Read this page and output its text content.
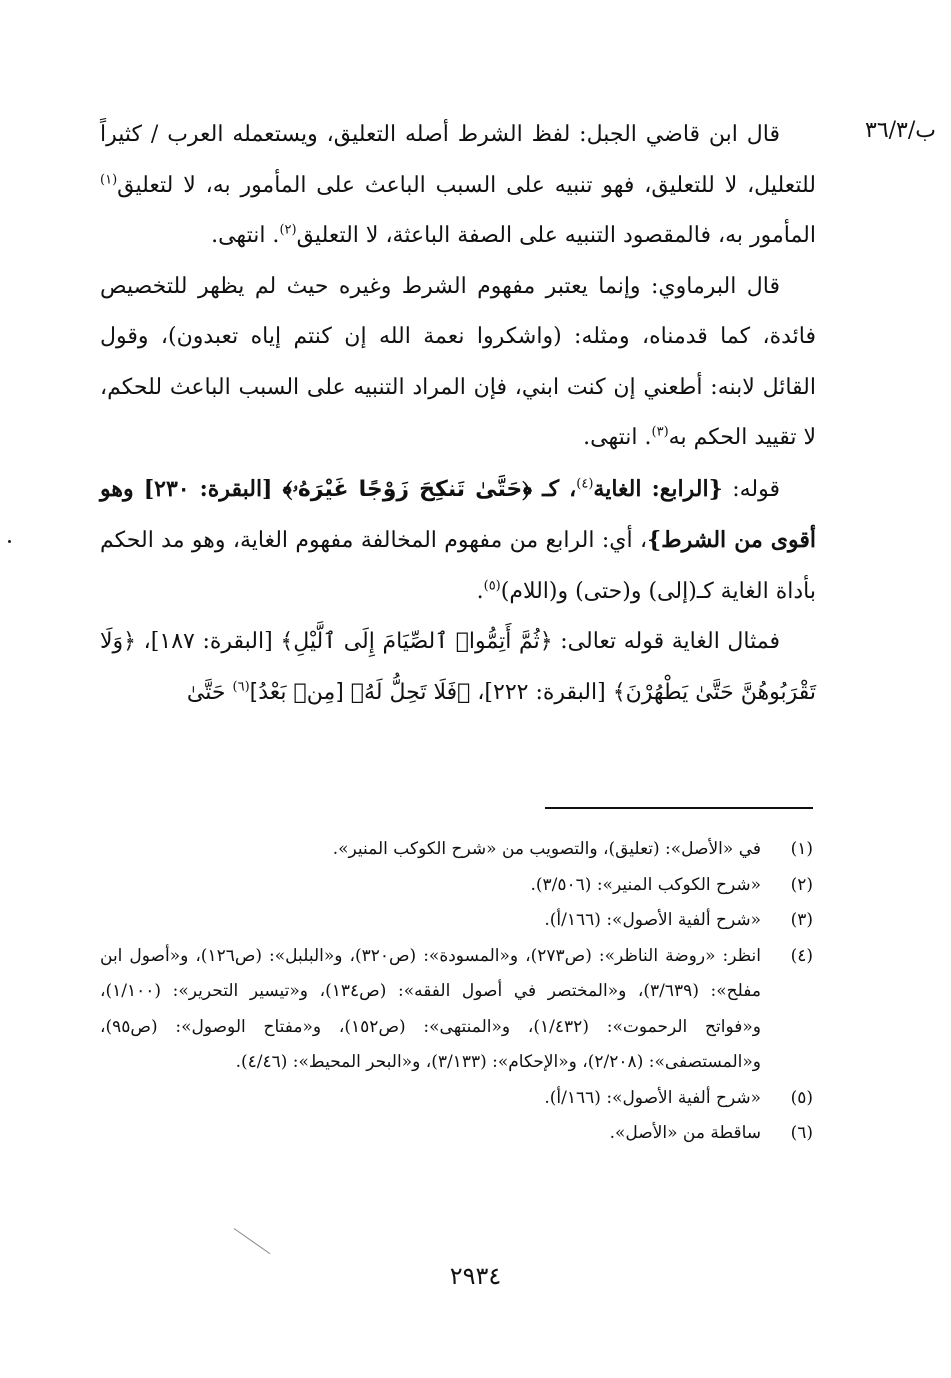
ب/٣٦/٣

قال ابن قاضي الجبل: لفظ الشرط أصله التعليق، ويستعمله العرب / كثيراً للتعليل، لا للتعليق، فهو تنبيه على السبب الباعث على المأمور به، لا لتعليق$^{(١)}$ المأمور به، فالمقصود التنبيه على الصفة الباعثة، لا التعليق$^{(٢)}$. انتهى.

قال البرماوي: وإنما يعتبر مفهوم الشرط وغيره حيث لم يظهر للتخصيص فائدة، كما قدمناه، ومثله: (واشكروا نعمة الله إن كنتم إياه تعبدون)، وقول القائل لابنه: أطعني إن كنت ابني، فإن المراد التنبيه على السبب الباعث للحكم، لا تقييد الحكم به$^{(٣)}$. انتهى.

قوله: {الرابع: الغاية$^{(٤)}$، كـ ﴿حَتَّىٰ تَنكِحَ زَوْجًا غَيْرَهُۥ﴾ [البقرة: ٢٣٠] وهو أقوى من الشرط}، أي: الرابع من مفهوم المخالفة مفهوم الغاية، وهو مد الحكم بأداة الغاية كـ(إلى) و(حتى) و(اللام)$^{(٥)}$.

فمثال الغاية قوله تعالى: ﴿ثُمَّ أَتِمُّوا۟ ٱلصِّيَامَ إِلَى ٱلَّيْلِ﴾ [البقرة: ١٨٧]، ﴿وَلَا تَقْرَبُوهُنَّ حَتَّىٰ يَطْهُرْنَ﴾ [البقرة: ٢٢٢]، ﴿فَلَا تَحِلُّ لَهُۥ [مِنۢ بَعْدُ]$^{(٦)}$ حَتَّىٰ

(١)
في «الأصل»: (تعليق)، والتصويب من «شرح الكوكب المنير».
(٢)
«شرح الكوكب المنير»: (٣/٥٠٦).
(٣)
«شرح ألفية الأصول»: (١٦٦/أ).
(٤)
انظر: «روضة الناظر»: (ص٢٧٣)، و«المسودة»: (ص٣٢٠)، و«البلبل»: (ص١٢٦)، و«أصول ابن مفلح»: (٣/٦٣٩)، و«المختصر في أصول الفقه»: (ص١٣٤)، و«تيسير التحرير»: (١/١٠٠)، و«فواتح الرحموت»: (١/٤٣٢)، و«المنتهى»: (ص١٥٢)، و«مفتاح الوصول»: (ص٩٥)، و«المستصفى»: (٢/٢٠٨)، و«الإحكام»: (٣/١٣٣)، و«البحر المحيط»: (٤/٤٦).
(٥)
«شرح ألفية الأصول»: (١٦٦/أ).
(٦)
ساقطة من «الأصل».
٢٩٣٤
